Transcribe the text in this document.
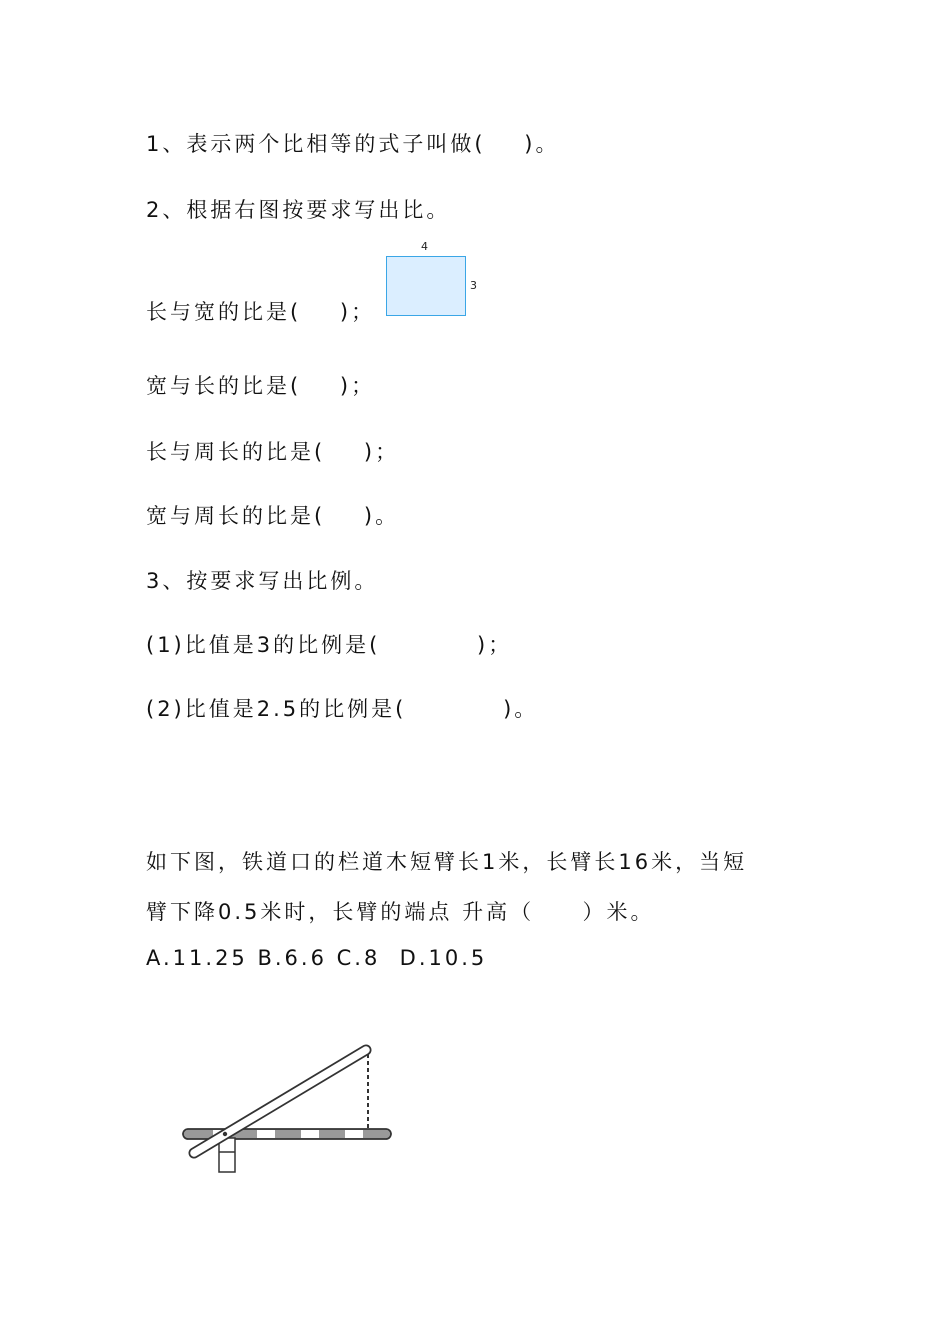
1、表示两个比相等的式子叫做(    )。
2、根据右图按要求写出比。
4
3
长与宽的比是(    )；
宽与长的比是(    )；
长与周长的比是(    )；
宽与周长的比是(    )。
3、按要求写出比例。
(1)比值是3的比例是(          )；
(2)比值是2.5的比例是(          )。
如下图，铁道口的栏道木短臂长1米，长臂长16米，当短
臂下降0.5米时，长臂的端点 升高（     ）米。
A.11.25 B.6.6 C.8  D.10.5
